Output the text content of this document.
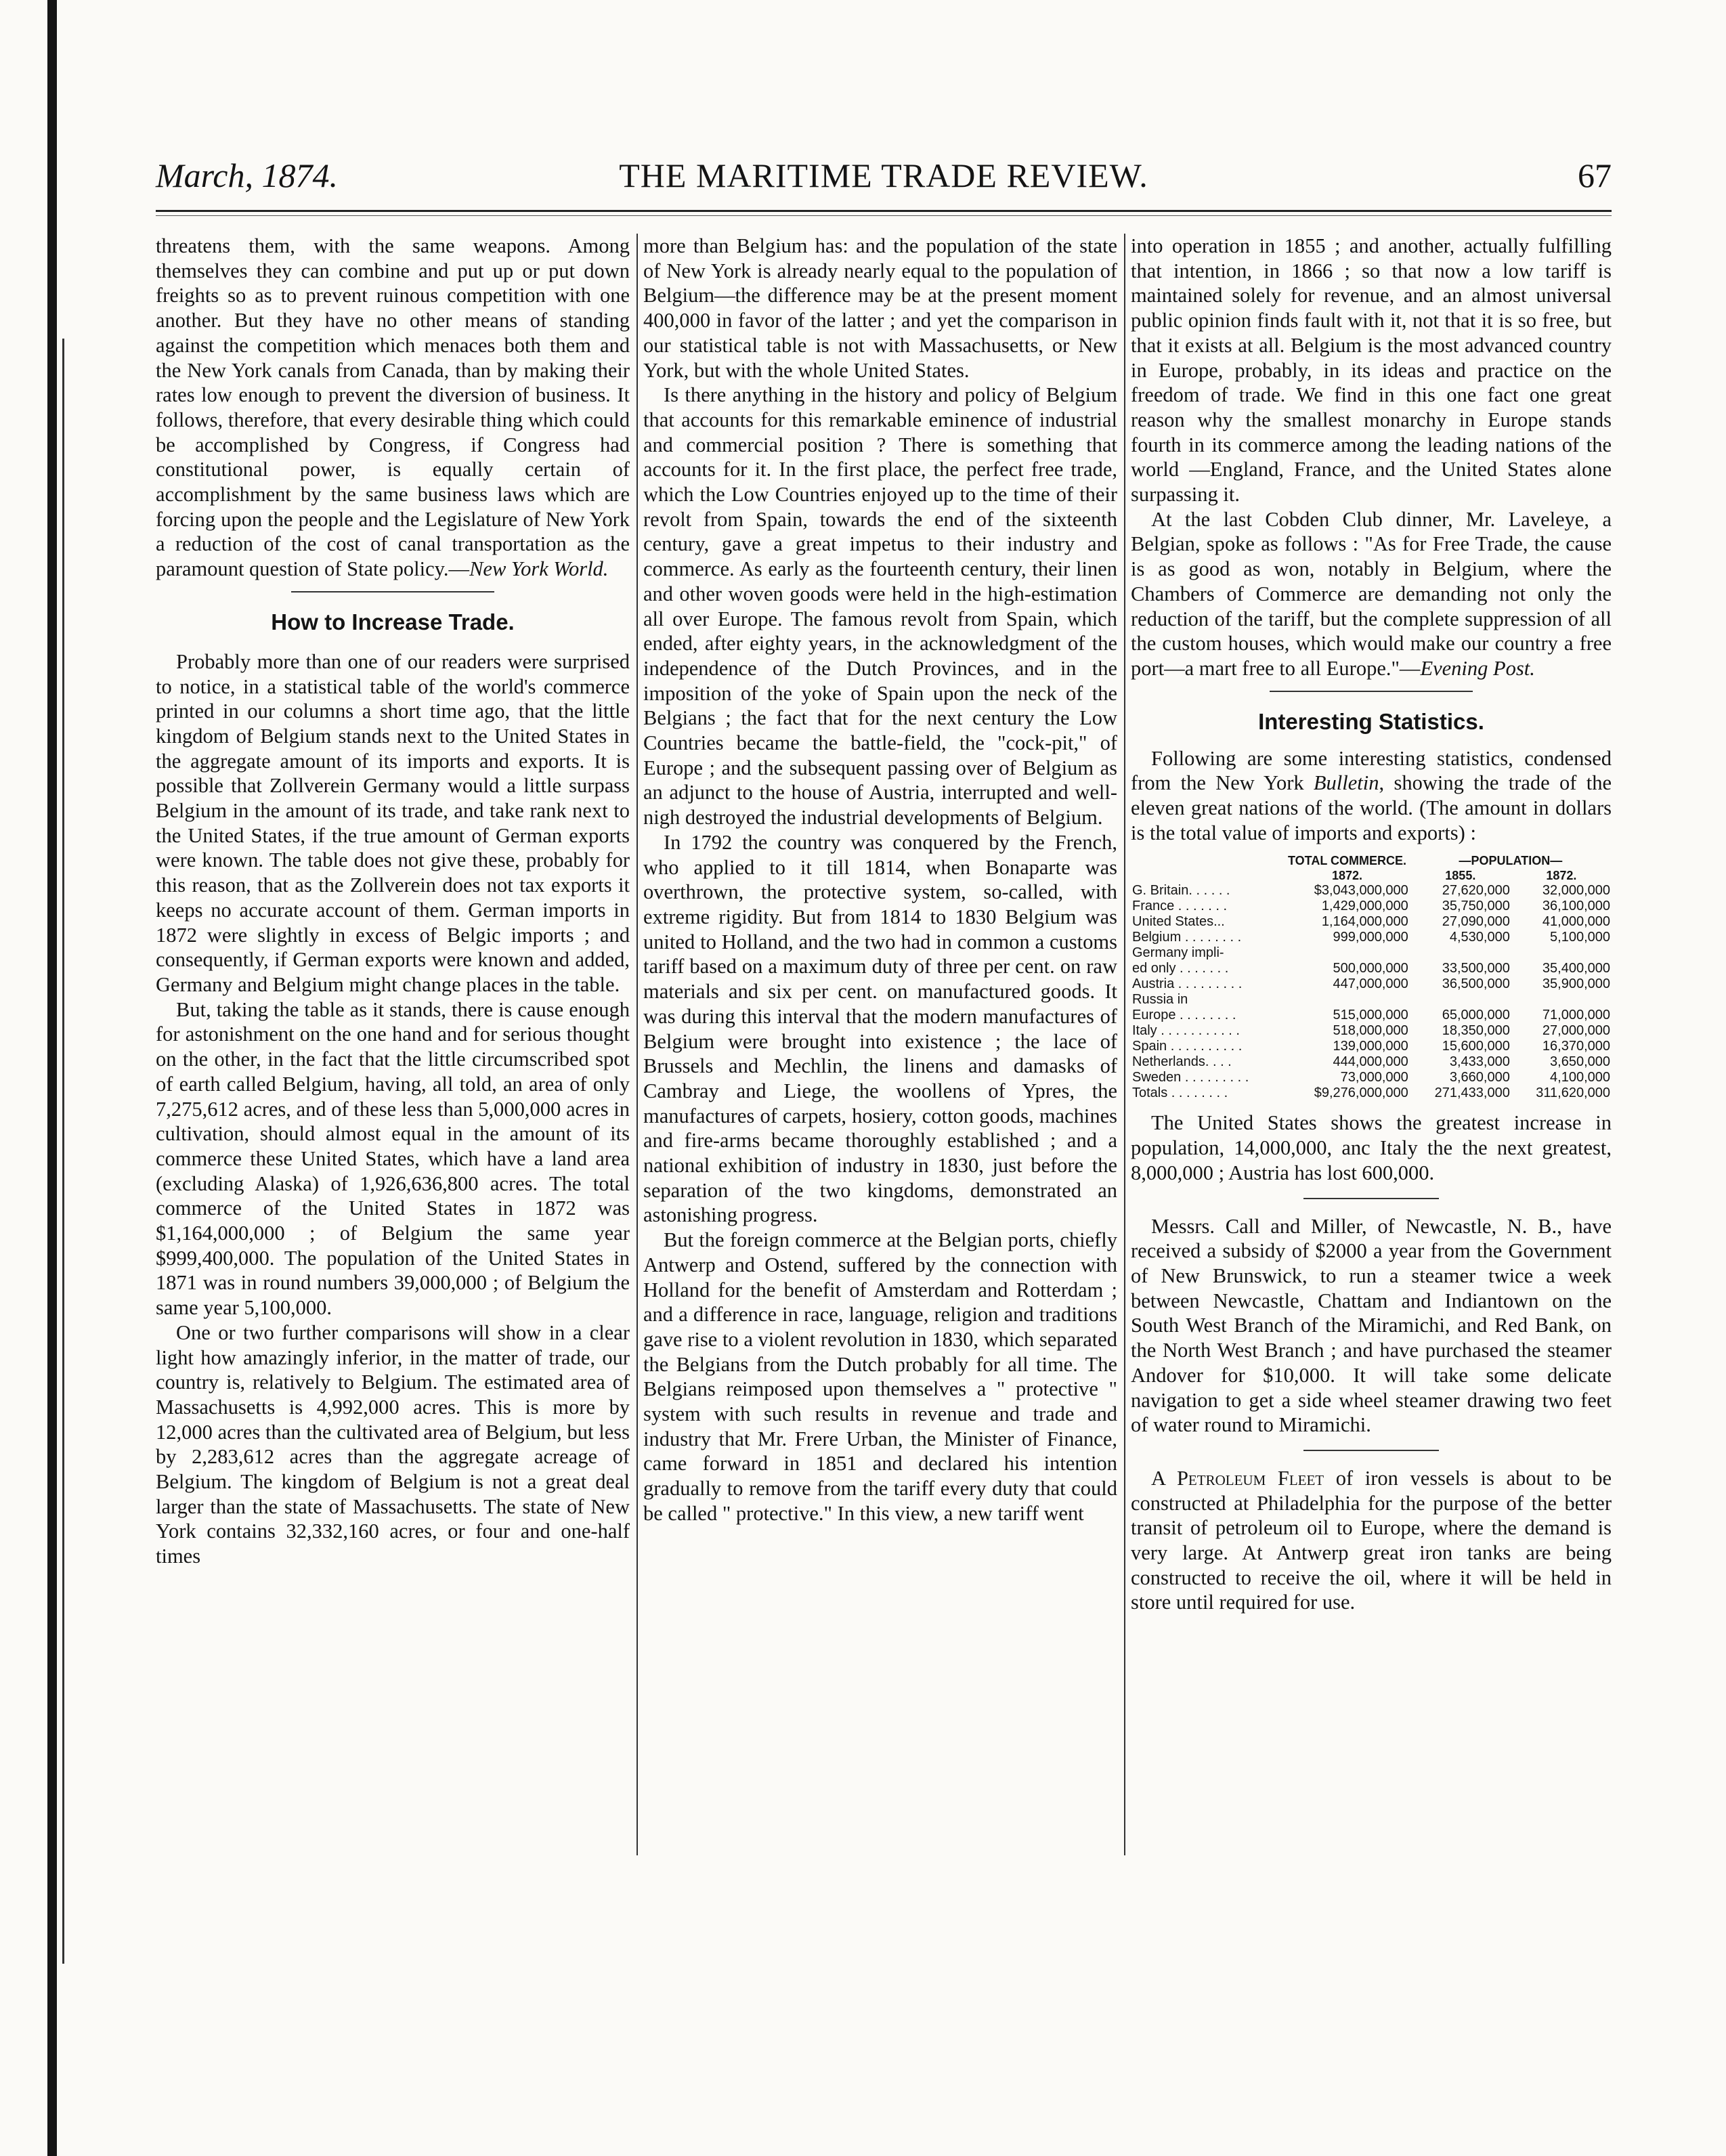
March, 1874.	THE MARITIME TRADE REVIEW.	67

threatens them, with the same weapons. Among themselves they can combine and put up or put down freights so as to prevent ruinous competition with one another. But they have no other means of standing against the competition which menaces both them and the New York canals from Canada, than by making their rates low enough to prevent the diversion of business. It follows, therefore, that every desirable thing which could be accomplished by Congress, if Congress had constitutional power, is equally certain of accomplishment by the same business laws which are forcing upon the people and the Legislature of New York a reduction of the cost of canal transportation as the paramount question of State policy.—New York World.

How to Increase Trade.

Probably more than one of our readers were surprised to notice, in a statistical table of the world's commerce printed in our columns a short time ago, that the little kingdom of Belgium stands next to the United States in the aggregate amount of its imports and exports. It is possible that Zollverein Germany would a little surpass Belgium in the amount of its trade, and take rank next to the United States, if the true amount of German exports were known. The table does not give these, probably for this reason, that as the Zollverein does not tax exports it keeps no accurate account of them. German imports in 1872 were slightly in excess of Belgic imports ; and consequently, if German exports were known and added, Germany and Belgium might change places in the table.

But, taking the table as it stands, there is cause enough for astonishment on the one hand and for serious thought on the other, in the fact that the little circumscribed spot of earth called Belgium, having, all told, an area of only 7,275,612 acres, and of these less than 5,000,000 acres in cultivation, should almost equal in the amount of its commerce these United States, which have a land area (excluding Alaska) of 1,926,636,800 acres. The total commerce of the United States in 1872 was $1,164,000,000 ; of Belgium the same year $999,400,000. The population of the United States in 1871 was in round numbers 39,000,000 ; of Belgium the same year 5,100,000.

One or two further comparisons will show in a clear light how amazingly inferior, in the matter of trade, our country is, relatively to Belgium. The estimated area of Massachusetts is 4,992,000 acres. This is more by 12,000 acres than the cultivated area of Belgium, but less by 2,283,612 acres than the aggregate acreage of Belgium. The kingdom of Belgium is not a great deal larger than the state of Massachusetts. The state of New York contains 32,332,160 acres, or four and one-half times

more than Belgium has: and the population of the state of New York is already nearly equal to the population of Belgium—the difference may be at the present moment 400,000 in favor of the latter ; and yet the comparison in our statistical table is not with Massachusetts, or New York, but with the whole United States.

Is there anything in the history and policy of Belgium that accounts for this remarkable eminence of industrial and commercial position ? There is something that accounts for it. In the first place, the perfect free trade, which the Low Countries enjoyed up to the time of their revolt from Spain, towards the end of the sixteenth century, gave a great impetus to their industry and commerce. As early as the fourteenth century, their linen and other woven goods were held in the high-estimation all over Europe. The famous revolt from Spain, which ended, after eighty years, in the acknowledgment of the independence of the Dutch Provinces, and in the imposition of the yoke of Spain upon the neck of the Belgians ; the fact that for the next century the Low Countries became the battle-field, the "cock-pit," of Europe ; and the subsequent passing over of Belgium as an adjunct to the house of Austria, interrupted and well-nigh destroyed the industrial developments of Belgium.

In 1792 the country was conquered by the French, who applied to it till 1814, when Bonaparte was overthrown, the protective system, so-called, with extreme rigidity. But from 1814 to 1830 Belgium was united to Holland, and the two had in common a customs tariff based on a maximum duty of three per cent. on raw materials and six per cent. on manufactured goods. It was during this interval that the modern manufactures of Belgium were brought into existence ; the lace of Brussels and Mechlin, the linens and damasks of Cambray and Liege, the woollens of Ypres, the manufactures of carpets, hosiery, cotton goods, machines and fire-arms became thoroughly established ; and a national exhibition of industry in 1830, just before the separation of the two kingdoms, demonstrated an astonishing progress.

But the foreign commerce at the Belgian ports, chiefly Antwerp and Ostend, suffered by the connection with Holland for the benefit of Amsterdam and Rotterdam ; and a difference in race, language, religion and traditions gave rise to a violent revolution in 1830, which separated the Belgians from the Dutch probably for all time. The Belgians reimposed upon themselves a " protective " system with such results in revenue and trade and industry that Mr. Frere Urban, the Minister of Finance, came forward in 1851 and declared his intention gradually to remove from the tariff every duty that could be called " protective." In this view, a new tariff went

into operation in 1855 ; and another, actually fulfilling that intention, in 1866 ; so that now a low tariff is maintained solely for revenue, and an almost universal public opinion finds fault with it, not that it is so free, but that it exists at all. Belgium is the most advanced country in Europe, probably, in its ideas and practice on the freedom of trade. We find in this one fact one great reason why the smallest monarchy in Europe stands fourth in its commerce among the leading nations of the world —England, France, and the United States alone surpassing it.

At the last Cobden Club dinner, Mr. Laveleye, a Belgian, spoke as follows : "As for Free Trade, the cause is as good as won, notably in Belgium, where the Chambers of Commerce are demanding not only the reduction of the tariff, but the complete suppression of all the custom houses, which would make our country a free port—a mart free to all Europe."—Evening Post.

Interesting Statistics.

Following are some interesting statistics, condensed from the New York Bulletin, showing the trade of the eleven great nations of the world. (The amount in dollars is the total value of imports and exports) :

	TOTAL COMMERCE.	—POPULATION—	
	1872.	1855.	1872.
G. Britain. . . . . .	$3,043,000,000	27,620,000	32,000,000
France . . . . . . .	1,429,000,000	35,750,000	36,100,000
United States...	1,164,000,000	27,090,000	41,000,000
Belgium . . . . . . . .	999,000,000	4,530,000	5,100,000
Germany impli-			
ed only . . . . . . .	500,000,000	33,500,000	35,400,000
Austria . . . . . . . . .	447,000,000	36,500,000	35,900,000
Russia in			
Europe . . . . . . . .	515,000,000	65,000,000	71,000,000
Italy . . . . . . . . . . .	518,000,000	18,350,000	27,000,000
Spain . . . . . . . . . .	139,000,000	15,600,000	16,370,000
Netherlands. . . .	444,000,000	3,433,000	3,650,000
Sweden . . . . . . . . .	73,000,000	3,660,000	4,100,000
Totals . . . . . . . .	$9,276,000,000	271,433,000	311,620,000

The United States shows the greatest increase in population, 14,000,000, anc Italy the the next greatest, 8,000,000 ; Austria has lost 600,000.

Messrs. Call and Miller, of Newcastle, N. B., have received a subsidy of $2000 a year from the Government of New Brunswick, to run a steamer twice a week between Newcastle, Chattam and Indiantown on the South West Branch of the Miramichi, and Red Bank, on the North West Branch ; and have purchased the steamer Andover for $10,000. It will take some delicate navigation to get a side wheel steamer drawing two feet of water round to Miramichi.

A Petroleum Fleet of iron vessels is about to be constructed at Philadelphia for the purpose of the better transit of petroleum oil to Europe, where the demand is very large. At Antwerp great iron tanks are being constructed to receive the oil, where it will be held in store until required for use.
